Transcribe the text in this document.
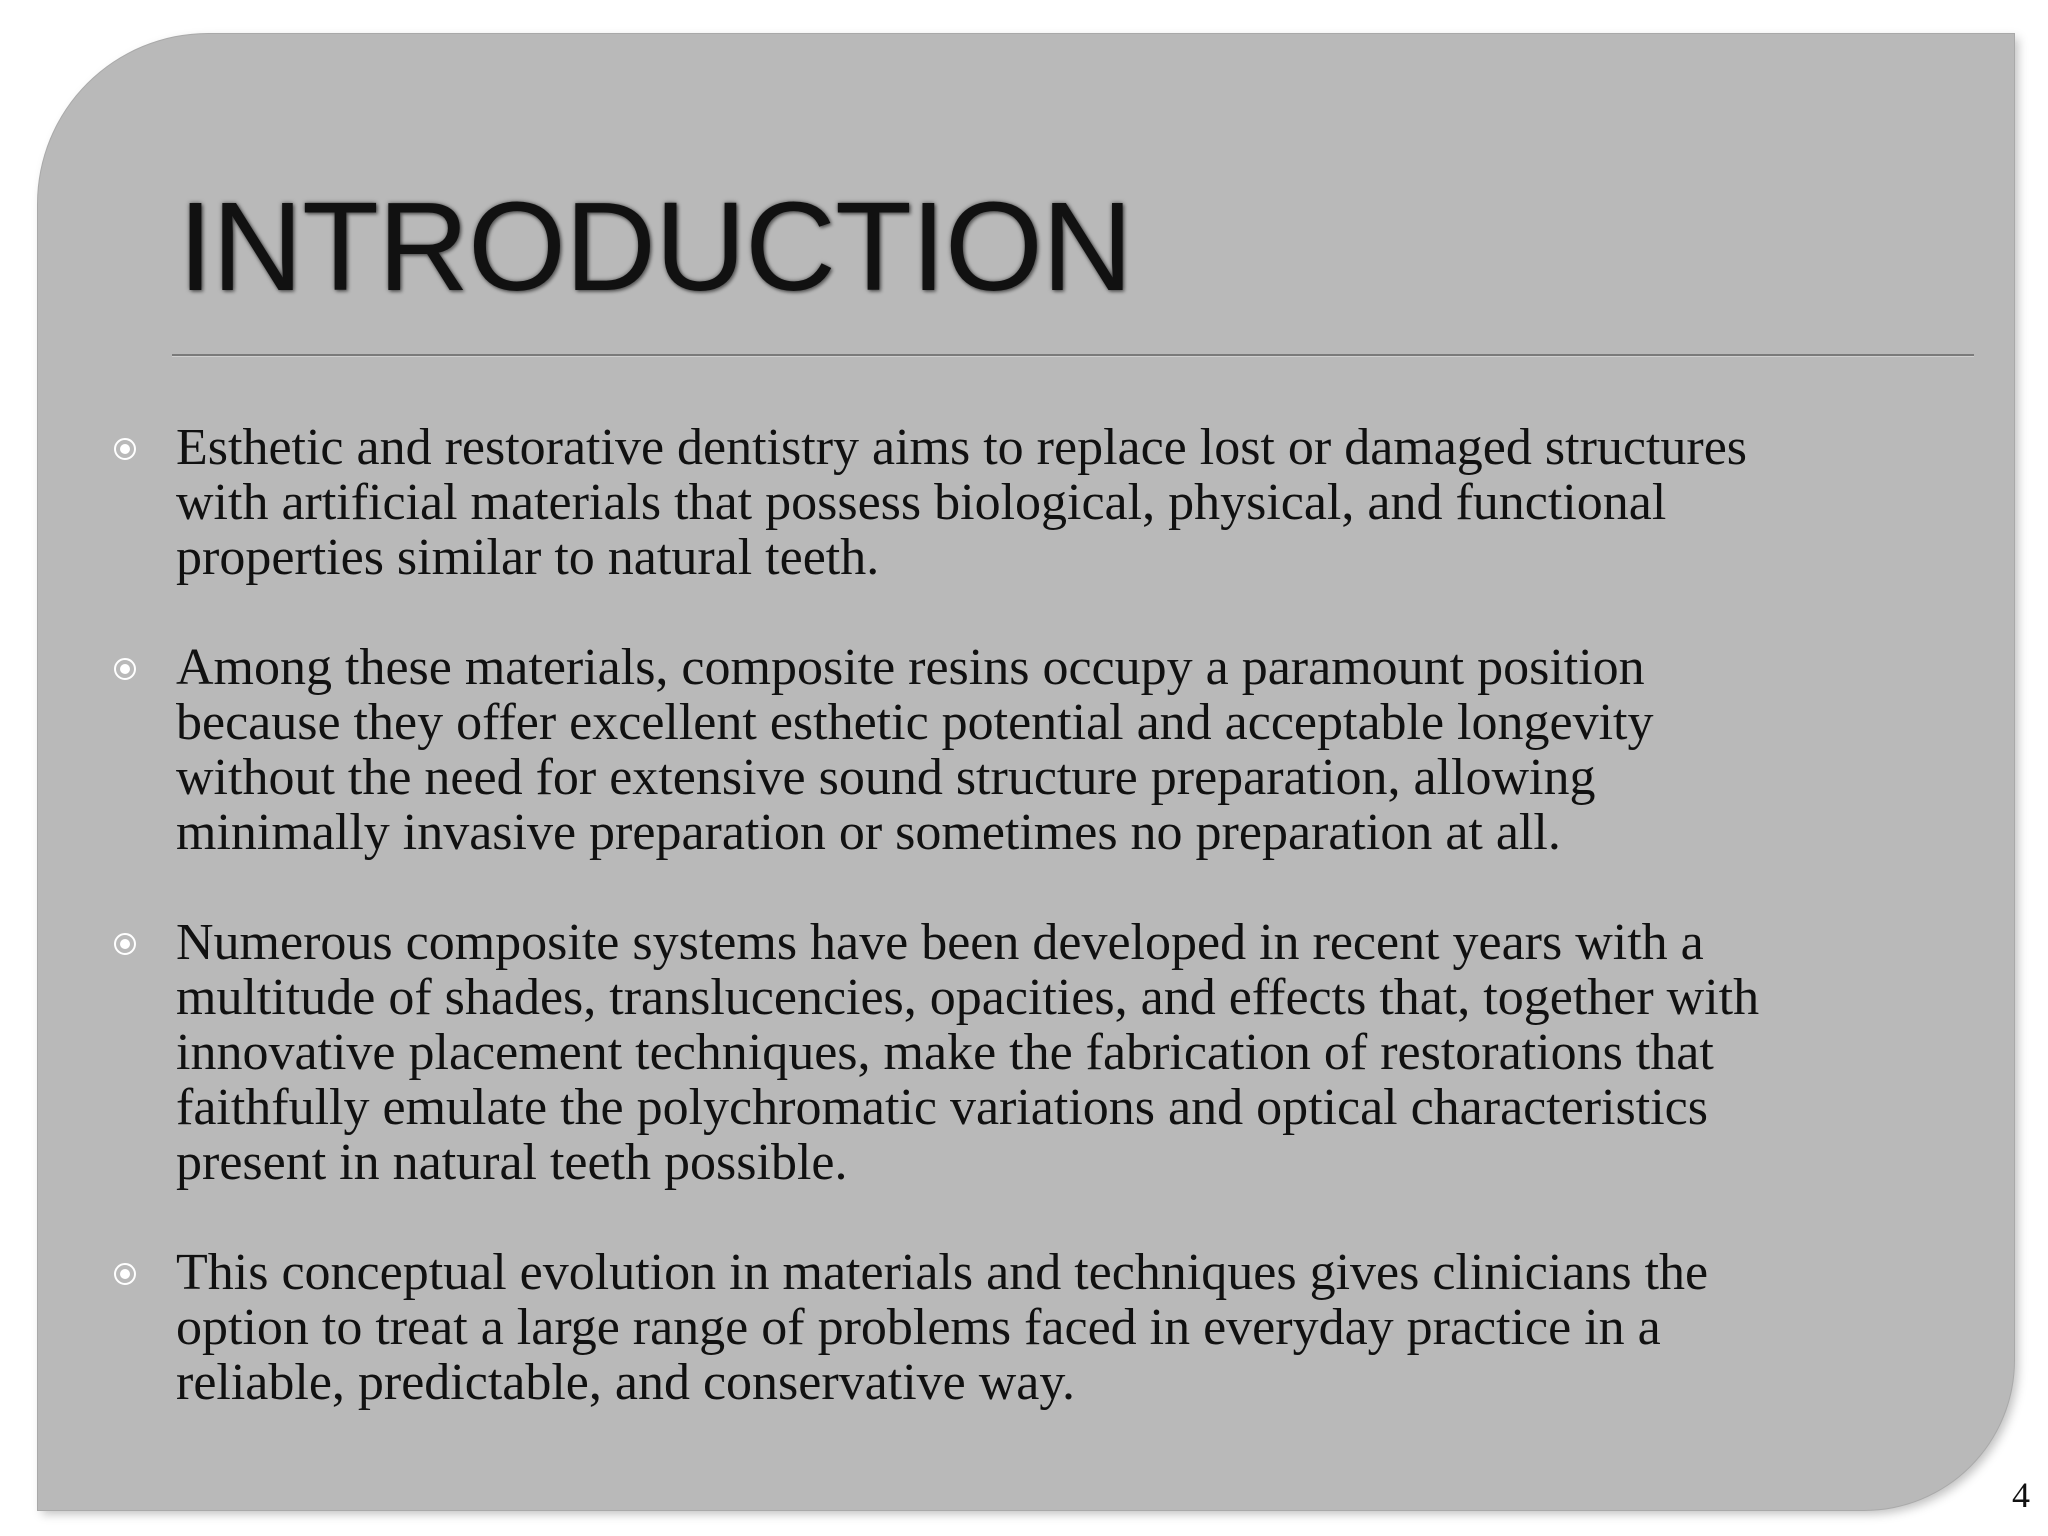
INTRODUCTION
Esthetic and restorative dentistry aims to replace lost or damaged structures
with artificial materials that possess biological, physical, and functional
properties similar to natural teeth.
Among these materials, composite resins occupy a paramount position
because they offer excellent esthetic potential and acceptable longevity
without the need for extensive sound structure preparation, allowing
minimally invasive preparation or sometimes no preparation at all.
Numerous composite systems have been developed in recent years with a
multitude of shades, translucencies, opacities, and effects that, together with
innovative placement techniques, make the fabrication of restorations that
faithfully emulate the polychromatic variations and optical characteristics
present in natural teeth possible.
This conceptual evolution in materials and techniques gives clinicians the
option to treat a large range of problems faced in everyday practice in a
reliable, predictable, and conservative way.
4
